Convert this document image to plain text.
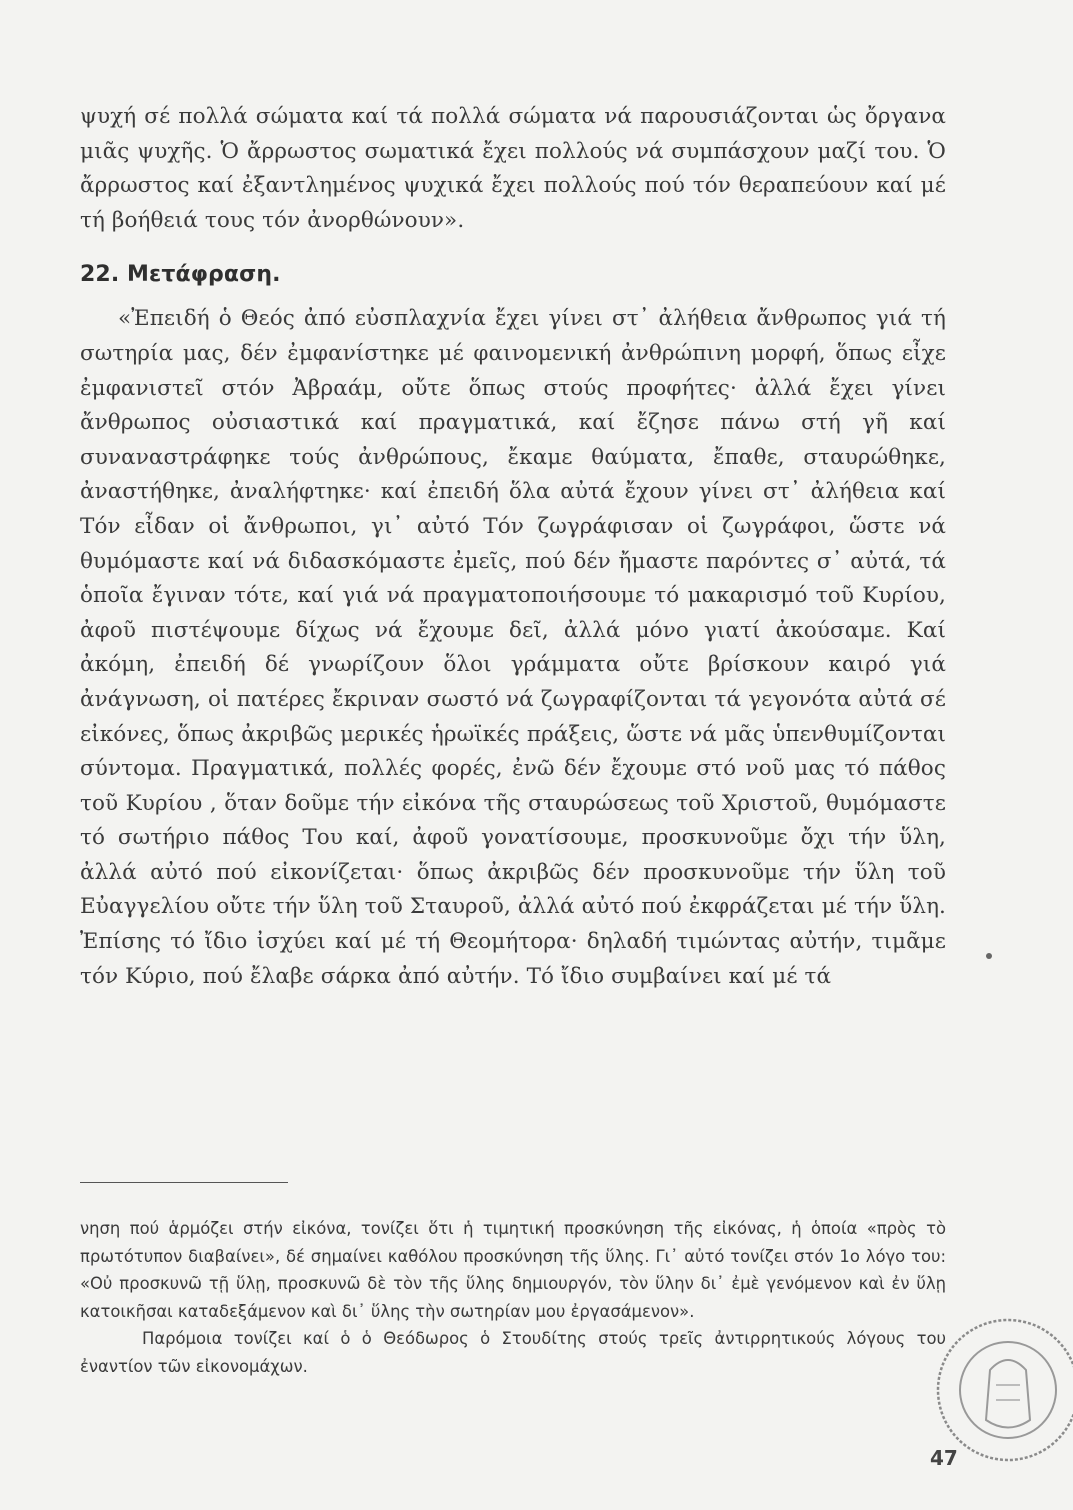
ψυχή σέ πολλά σώματα καί τά πολλά σώματα νά παρουσιάζονται ὡς ὄργανα μιᾶς ψυχῆς. Ὁ ἄρρωστος σωματικά ἔχει πολλούς νά συμπάσχουν μαζί του. Ὁ ἄρρωστος καί ἐξαντλημένος ψυχικά ἔχει πολλούς πού τόν θεραπεύουν καί μέ τή βοήθειά τους τόν ἀνορθώνουν».

22. Μετάφραση.

«Ἐπειδή ὁ Θεός ἀπό εὐσπλαχνία ἔχει γίνει στ᾽ ἀλήθεια ἄνθρωπος γιά τή σωτηρία μας, δέν ἐμφανίστηκε μέ φαινομενική ἀνθρώπινη μορφή, ὅπως εἶχε ἐμφανιστεῖ στόν Ἀβραάμ, οὔτε ὅπως στούς προφήτες· ἀλλά ἔχει γίνει ἄνθρωπος οὐσιαστικά καί πραγματικά, καί ἔζησε πάνω στή γῆ καί συναναστράφηκε τούς ἀνθρώπους, ἔκαμε θαύματα, ἔπαθε, σταυρώθηκε, ἀναστήθηκε, ἀναλήφτηκε· καί ἐπειδή ὅλα αὐτά ἔχουν γίνει στ᾽ ἀλήθεια καί Τόν εἶδαν οἱ ἄνθρωποι, γι᾽ αὐτό Τόν ζωγράφισαν οἱ ζωγράφοι, ὥστε νά θυμόμαστε καί νά διδασκόμαστε ἐμεῖς, πού δέν ἤμαστε παρόντες σ᾽ αὐτά, τά ὁποῖα ἔγιναν τότε, καί γιά νά πραγματοποιήσουμε τό μακαρισμό τοῦ Κυρίου, ἀφοῦ πιστέψουμε δίχως νά ἔχουμε δεῖ, ἀλλά μόνο γιατί ἀκούσαμε. Καί ἀκόμη, ἐπειδή δέ γνωρίζουν ὅλοι γράμματα οὔτε βρίσκουν καιρό γιά ἀνάγνωση, οἱ πατέρες ἔκριναν σωστό νά ζωγραφίζονται τά γεγονότα αὐτά σέ εἰκόνες, ὅπως ἀκριβῶς μερικές ἡρωϊκές πράξεις, ὥστε νά μᾶς ὑπενθυμίζονται σύντομα. Πραγματικά, πολλές φορές, ἐνῶ δέν ἔχουμε στό νοῦ μας τό πάθος τοῦ Κυρίου , ὅταν δοῦμε τήν εἰκόνα τῆς σταυρώσεως τοῦ Χριστοῦ, θυμόμαστε τό σωτήριο πάθος Του καί, ἀφοῦ γονατίσουμε, προσκυνοῦμε ὄχι τήν ὕλη, ἀλλά αὐτό πού εἰκονίζεται· ὅπως ἀκριβῶς δέν προσκυνοῦμε τήν ὕλη τοῦ Εὐαγγελίου οὔτε τήν ὕλη τοῦ Σταυροῦ, ἀλλά αὐτό πού ἐκφράζεται μέ τήν ὕλη. Ἐπίσης τό ἴδιο ἰσχύει καί μέ τή Θεομήτορα· δηλαδή τιμώντας αὐτήν, τιμᾶμε τόν Κύριο, πού ἔλαβε σάρκα ἀπό αὐτήν. Τό ἴδιο συμβαίνει καί μέ τά

νηση πού ἁρμόζει στήν εἰκόνα, τονίζει ὅτι ἡ τιμητική προσκύνηση τῆς εἰκόνας, ἡ ὁποία «πρὸς τὸ πρωτότυπον διαβαίνει», δέ σημαίνει καθόλου προσκύνηση τῆς ὕλης. Γι᾽ αὐτό τονίζει στόν 1ο λόγο του: «Οὐ προσκυνῶ τῇ ὕλῃ, προσκυνῶ δὲ τὸν τῆς ὕλης δημιουργόν, τὸν ὕλην δι᾽ ἐμὲ γενόμενον καὶ ἐν ὕλῃ κατοικῆσαι καταδεξάμενον καὶ δι᾽ ὕλης τὴν σωτηρίαν μου ἐργασάμενον».

Παρόμοια τονίζει καί ὁ ὁ Θεόδωρος ὁ Στουδίτης στούς τρεῖς ἀντιρρητικούς λόγους του ἐναντίον τῶν εἰκονομάχων.

47
